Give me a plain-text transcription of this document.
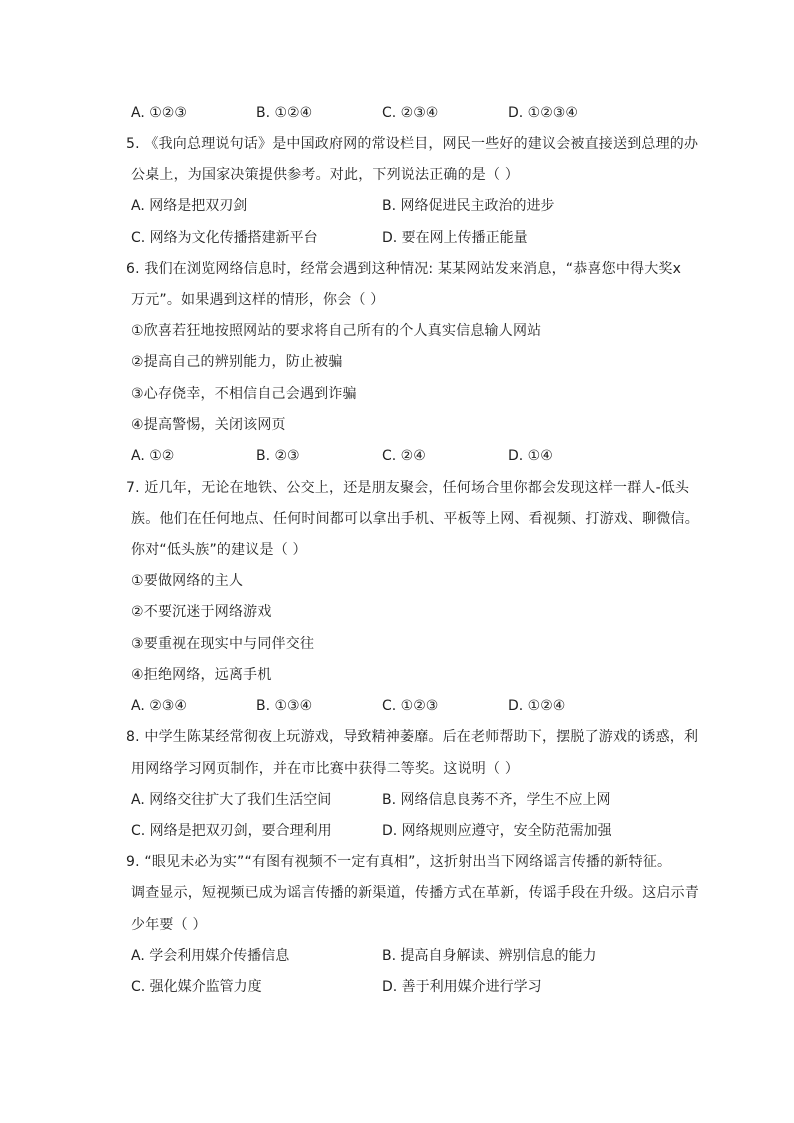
A. ①②③	B. ①②④	C. ②③④	D. ①②③④
5. 《我向总理说句话》是中国政府网的常设栏目，网民一些好的建议会被直接送到总理的办
公桌上，为国家决策提供参考。对此，下列说法正确的是（ ）
A. 网络是把双刃剑	B. 网络促进民主政治的进步
C. 网络为文化传播搭建新平台	D. 要在网上传播正能量
6. 我们在浏览网络信息时，经常会遇到这种情况: 某某网站发来消息，“恭喜您中得大奖x
万元”。如果遇到这样的情形，你会（ ）
①欣喜若狂地按照网站的要求将自己所有的个人真实信息输人网站
②提高自己的辨别能力，防止被骗
③心存侥幸，不相信自己会遇到诈骗
④提高警惕，关闭该网页
A. ①②	B. ②③	C. ②④	D. ①④
7. 近几年，无论在地铁、公交上，还是朋友聚会，任何场合里你都会发现这样一群人-低头
族。他们在任何地点、任何时间都可以拿出手机、平板等上网、看视频、打游戏、聊微信。
你对“低头族”的建议是（ ）
①要做网络的主人
②不要沉迷于网络游戏
③要重视在现实中与同伴交往
④拒绝网络，远离手机
A. ②③④	B. ①③④	C. ①②③	D. ①②④
8. 中学生陈某经常彻夜上玩游戏，导致精神萎靡。后在老师帮助下，摆脱了游戏的诱惑，利
用网络学习网页制作，并在市比赛中获得二等奖。这说明（ ）
A. 网络交往扩大了我们生活空间	B. 网络信息良莠不齐，学生不应上网
C. 网络是把双刃剑，要合理利用	D. 网络规则应遵守，安全防范需加强
9. “眼见未必为实”“有图有视频不一定有真相”，这折射出当下网络谣言传播的新特征。
调查显示，短视频已成为谣言传播的新渠道，传播方式在革新，传谣手段在升级。这启示青
少年要（ ）
A. 学会利用媒介传播信息	B. 提高自身解读、辨别信息的能力
C. 强化媒介监管力度	D. 善于利用媒介进行学习
